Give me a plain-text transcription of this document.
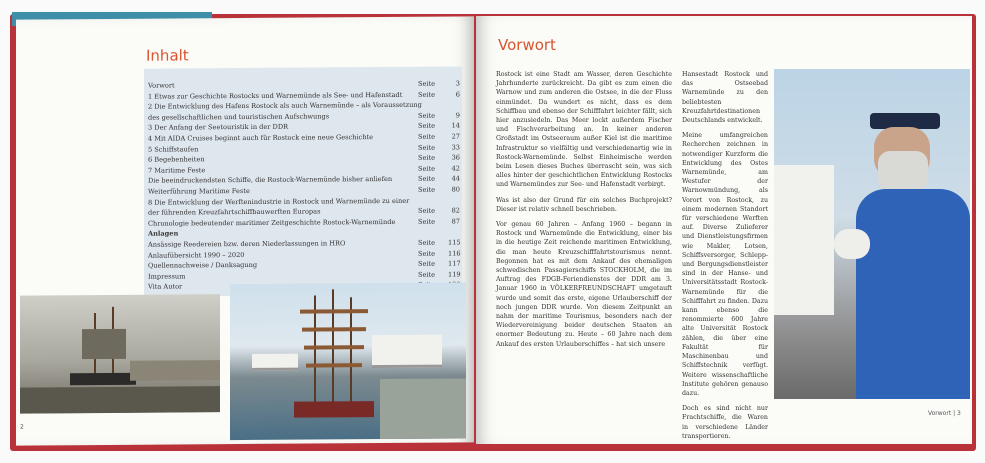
Inhalt
Vorwort	Seite	3
1 Etwas zur Geschichte Rostocks und Warnemünde als See- und Hafenstadt Seite	6
2 Die Entwicklung des Hafens Rostock als auch Warnemünde – als Voraussetzung
des gesellschaftlichen und touristischen Aufschwungs	Seite	9
3 Der Anfang der Seetouristik in der DDR	Seite	14
4 Mit AIDA Cruises beginnt auch für Rostock eine neue Geschichte	Seite	27
5 Schiffstaufen	Seite	33
6 Begebenheiten	Seite	36
7 Maritime Feste	Seite	42
Die beeindruckendsten Schiffe, die Rostock-Warnemünde bisher anliefen	Seite	44
Weiterführung Maritime Feste	Seite	80
8 Die Entwicklung der Werftenindustrie in Rostock und Warnemünde zu einer
der führenden Kreuzfahrtschiffbauwerften Europas	Seite	82
Chronologie bedeutender maritimer Zeitgeschichte Rostock-Warnemünde	Seite	87
Anlagen
Ansässige Reedereien bzw. deren Niederlassungen in HRO	Seite 115
Anlaufübersicht 1990 – 2020	Seite 116
Quellennachweise / Danksagung	Seite 117
Impressum	Seite 119
Vita Autor
2
Vorwort

Rostock ist eine Stadt am Wasser, deren Geschichte Jahrhunderte zurückreicht. Da gibt es zum einen die Warnow und zum anderen die Ostsee, in die der Fluss einmündet. Da wundert es nicht, dass es dem Schiffbau und ebenso der Schifffahrt leichter fällt, sich hier anzusiedeln. Das Meer lockt außerdem Fischer und Fischverarbeitung an. In keiner anderen Großstadt im Ostseeraum außer Kiel ist die maritime Infrastruktur so vielfältig und verschiedenartig wie in Rostock-Warnemünde. Selbst Einheimische werden beim Lesen dieses Buches überrascht sein, was sich alles hinter der geschichtlichen Entwicklung Rostocks und Warnemündes zur See- und Hafenstadt verbirgt.

Was ist also der Grund für ein solches Buchprojekt? Dieser ist relativ schnell beschrieben.

Vor genau 60 Jahren – Anfang 1960 – begann in Rostock und Warnemünde die Entwicklung, einer bis in die heutige Zeit reichende maritimen Entwicklung, die man heute Kreuzschifffahrtstourismus nennt. Begonnen hat es mit dem Ankauf des ehemaligen schwedischen Passagierschiffs STOCKHOLM, die im Auftrag des FDGB-Feriendienstes der DDR am 3. Januar 1960 in VÖLKERFREUNDSCHAFT umgetauft wurde und somit das erste, eigene Urlauberschiff der noch jungen DDR wurde. Von diesem Zeitpunkt an nahm der maritime Tourismus, besonders nach der Wiedervereinigung beider deutschen Staaten an enormer Bedeutung zu. Heute – 60 Jahre nach dem Ankauf des ersten Urlauberschiffes – hat sich unsere

Hansestadt Rostock und das Ostseebad Warnemünde zu den beliebtesten Kreuzfahrtdestinationen Deutschlands entwickelt.

Meine umfangreichen Recherchen zeichnen in notwendiger Kurzform die Entwicklung des Ostes Warnemünde, am Westufer der Warnowmündung, als Vorort von Rostock, zu einem modernen Standort für verschiedene Werften auf. Diverse Zulieferer und Dienstleistungsfirmen wie Makler, Lotsen, Schiffsversorger, Schlepp- und Bergungsdienstleister sind in der Hanse- und Universitätsstadt Rostock-Warnemünde für die Schifffahrt zu finden. Dazu kann ebenso die renommierte 600 Jahre alte Universität Rostock zählen, die über eine Fakultät für Maschinenbau und Schiffstechnik verfügt. Weitere wissenschaftliche Institute gehören genauso dazu.

Doch es sind nicht nur Frachtschiffe, die Waren in verschiedene Länder transportieren.

Vorwort | 3
